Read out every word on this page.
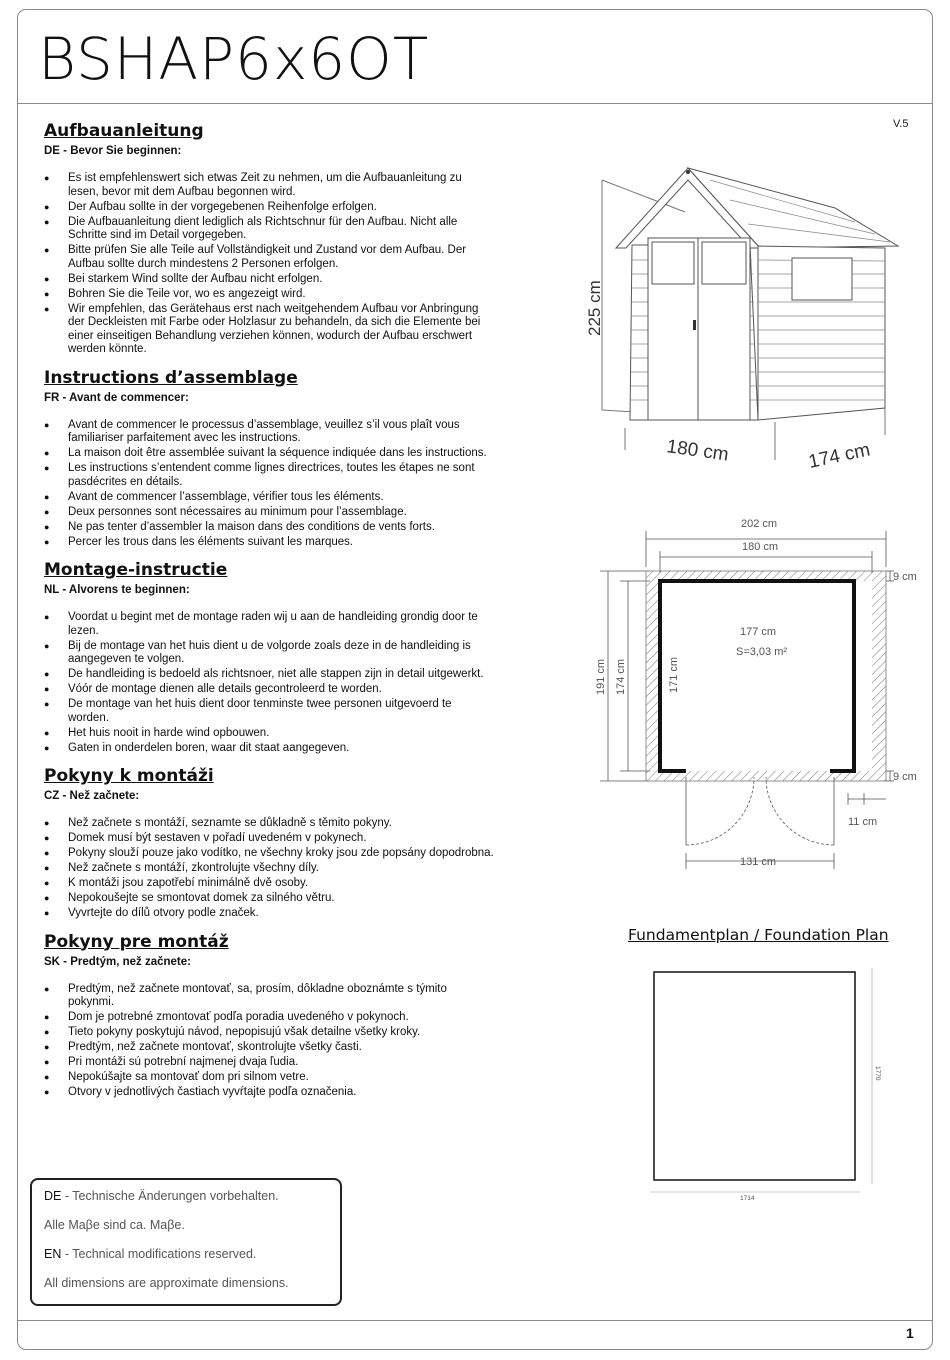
BSHAP6x6OT
V.5
Aufbauanleitung
DE - Bevor Sie beginnen:
● Es ist empfehlenswert sich etwas Zeit zu nehmen, um die Aufbauanleitung zu lesen, bevor mit dem Aufbau begonnen wird.
● Der Aufbau sollte in der vorgegebenen Reihenfolge erfolgen.
● Die Aufbauanleitung dient lediglich als Richtschnur für den Aufbau. Nicht alle Schritte sind im Detail vorgegeben.
● Bitte prüfen Sie alle Teile auf Vollständigkeit und Zustand vor dem Aufbau. Der Aufbau sollte durch mindestens 2 Personen erfolgen.
● Bei starkem Wind sollte der Aufbau nicht erfolgen.
● Bohren Sie die Teile vor, wo es angezeigt wird.
● Wir empfehlen, das Gerätehaus erst nach weitgehendem Aufbau vor Anbringung der Deckleisten mit Farbe oder Holzlasur zu behandeln, da sich die Elemente bei einer einseitigen Behandlung verziehen können, wodurch der Aufbau erschwert werden könnte.
Instructions d’assemblage
FR - Avant de commencer:
● Avant de commencer le processus d’assemblage, veuillez s’il vous plaît vous familiariser parfaitement avec les instructions.
● La maison doit être assemblée suivant la séquence indiquée dans les instructions.
● Les instructions s’entendent comme lignes directrices, toutes les étapes ne sont pasdécrites en détails.
● Avant de commencer l’assemblage, vérifier tous les éléments.
● Deux personnes sont nécessaires au minimum pour l’assemblage.
● Ne pas tenter d’assembler la maison dans des conditions de vents forts.
● Percer les trous dans les éléments suivant les marques.
Montage-instructie
NL - Alvorens te beginnen:
● Voordat u begint met de montage raden wij u aan de handleiding grondig door te lezen.
● Bij de montage van het huis dient u de volgorde zoals deze in de handleiding is aangegeven te volgen.
● De handleiding is bedoeld als richtsnoer, niet alle stappen zijn in detail uitgewerkt.
● Vóór de montage dienen alle details gecontroleerd te worden.
● De montage van het huis dient door tenminste twee personen uitgevoerd te worden.
● Het huis nooit in harde wind opbouwen.
● Gaten in onderdelen boren, waar dit staat aangegeven.
Pokyny k montáži
CZ - Než začnete:
● Než začnete s montáží, seznamte se důkladně s těmito pokyny.
● Domek musí být sestaven v pořadí uvedeném v pokynech.
● Pokyny slouží pouze jako vodítko, ne všechny kroky jsou zde popsány dopodrobna.
● Než začnete s montáží, zkontrolujte všechny díly.
● K montáži jsou zapotřebí minimálně dvě osoby.
● Nepokoušejte se smontovat domek za silného větru.
● Vyvrtejte do dílů otvory podle značek.
Pokyny pre montáž
SK - Predtým, než začnete:
● Predtým, než začnete montovať, sa, prosím, dôkladne oboznámte s týmito pokynmi.
● Dom je potrebné zmontovať podľa poradia uvedeného v pokynoch.
● Tieto pokyny poskytujú návod, nepopisujú však detailne všetky kroky.
● Predtým, než začnete montovať, skontrolujte všetky časti.
● Pri montáži sú potrební najmenej dvaja ľudia.
● Nepokúšajte sa montovať dom pri silnom vetre.
● Otvory v jednotlivých častiach vyvŕtajte podľa označenia.
DE - Technische Änderungen vorbehalten.
Alle Maβe sind ca. Maβe.
EN - Technical modifications reserved.
All dimensions are approximate dimensions.
225 cm
180 cm	174 cm
202 cm
180 cm
9 cm
177 cm
S=3,03 m²
191 cm 174 cm	171 cm
9 cm
11 cm
131 cm
Fundamentplan / Foundation Plan
1714
1770
1
